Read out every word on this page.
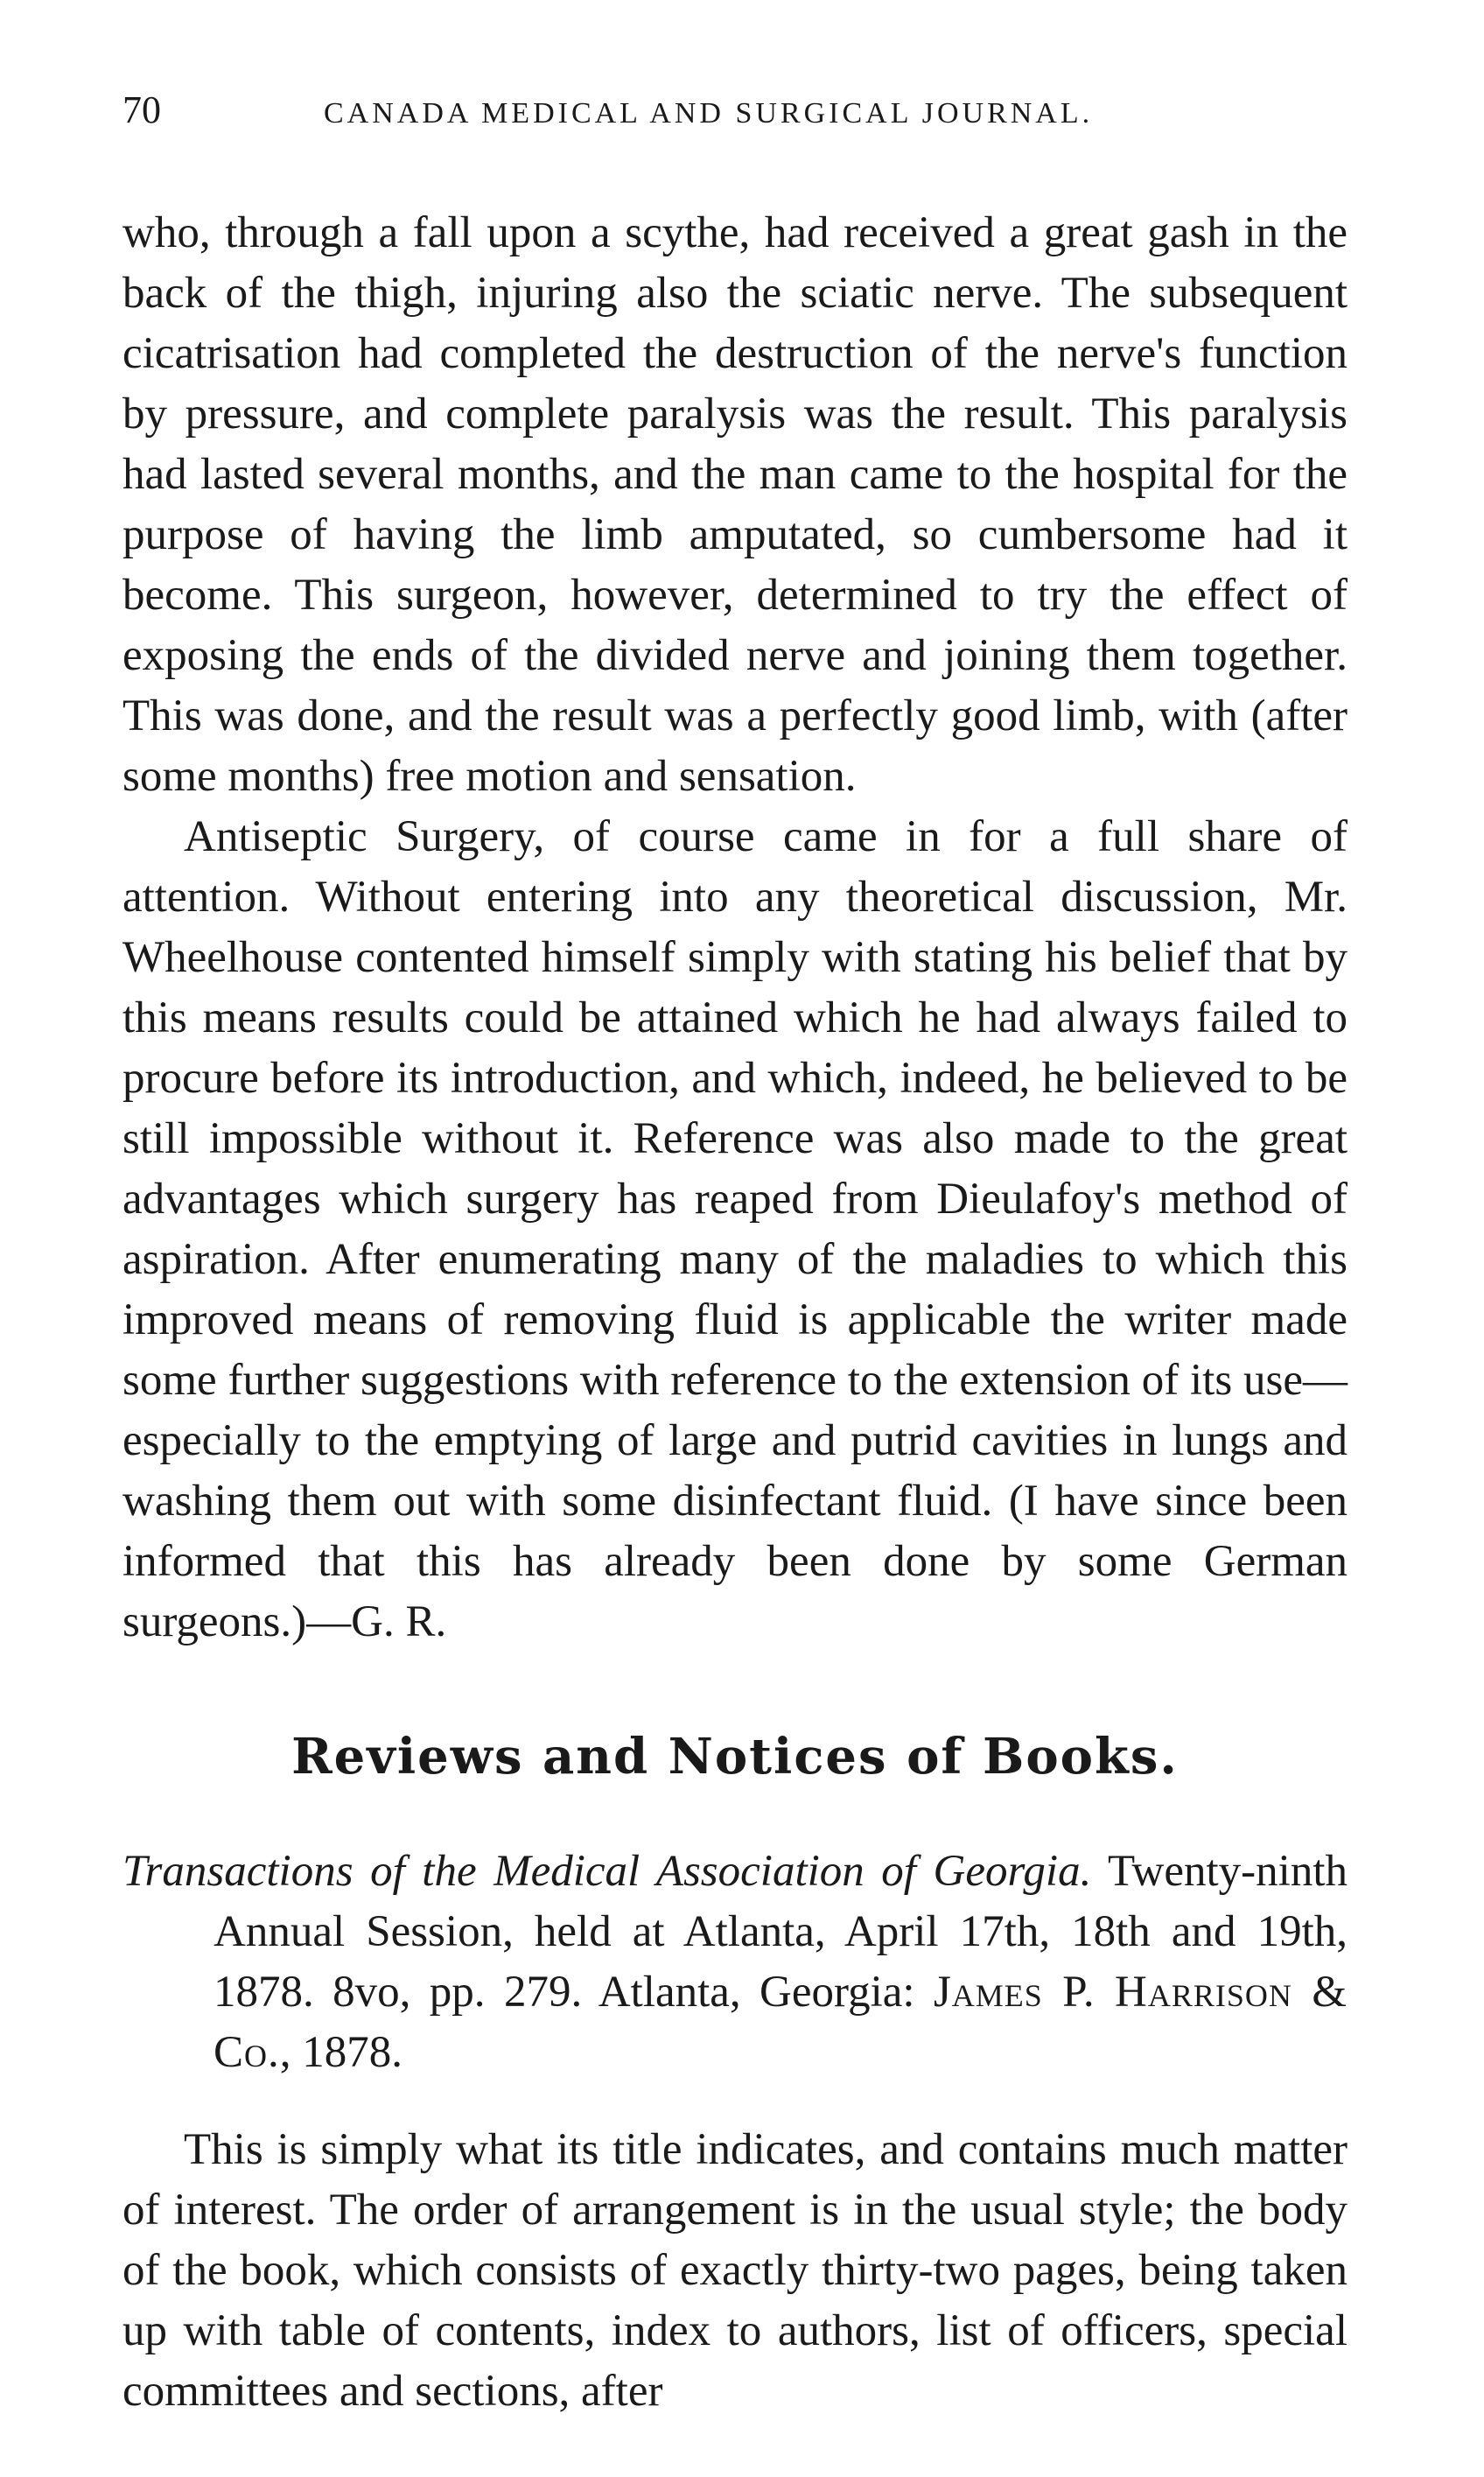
70	CANADA MEDICAL AND SURGICAL JOURNAL.

who, through a fall upon a scythe, had received a great gash in the back of the thigh, injuring also the sciatic nerve. The subsequent cicatrisation had completed the destruction of the nerve's function by pressure, and complete paralysis was the result. This paralysis had lasted several months, and the man came to the hospital for the purpose of having the limb amputated, so cumbersome had it become. This surgeon, however, determined to try the effect of exposing the ends of the divided nerve and joining them together. This was done, and the result was a perfectly good limb, with (after some months) free motion and sensation.

Antiseptic Surgery, of course came in for a full share of attention. Without entering into any theoretical discussion, Mr. Wheelhouse contented himself simply with stating his belief that by this means results could be attained which he had always failed to procure before its introduction, and which, indeed, he believed to be still impossible without it. Reference was also made to the great advantages which surgery has reaped from Dieulafoy's method of aspiration. After enumerating many of the maladies to which this improved means of removing fluid is applicable the writer made some further suggestions with reference to the extension of its use—especially to the emptying of large and putrid cavities in lungs and washing them out with some disinfectant fluid. (I have since been informed that this has already been done by some German surgeons.)—G. R.

Reviews and Notices of Books.

Transactions of the Medical Association of Georgia. Twenty-ninth Annual Session, held at Atlanta, April 17th, 18th and 19th, 1878. 8vo, pp. 279. Atlanta, Georgia: James P. Harrison & Co., 1878.

This is simply what its title indicates, and contains much matter of interest. The order of arrangement is in the usual style; the body of the book, which consists of exactly thirty-two pages, being taken up with table of contents, index to authors, list of officers, special committees and sections, after
